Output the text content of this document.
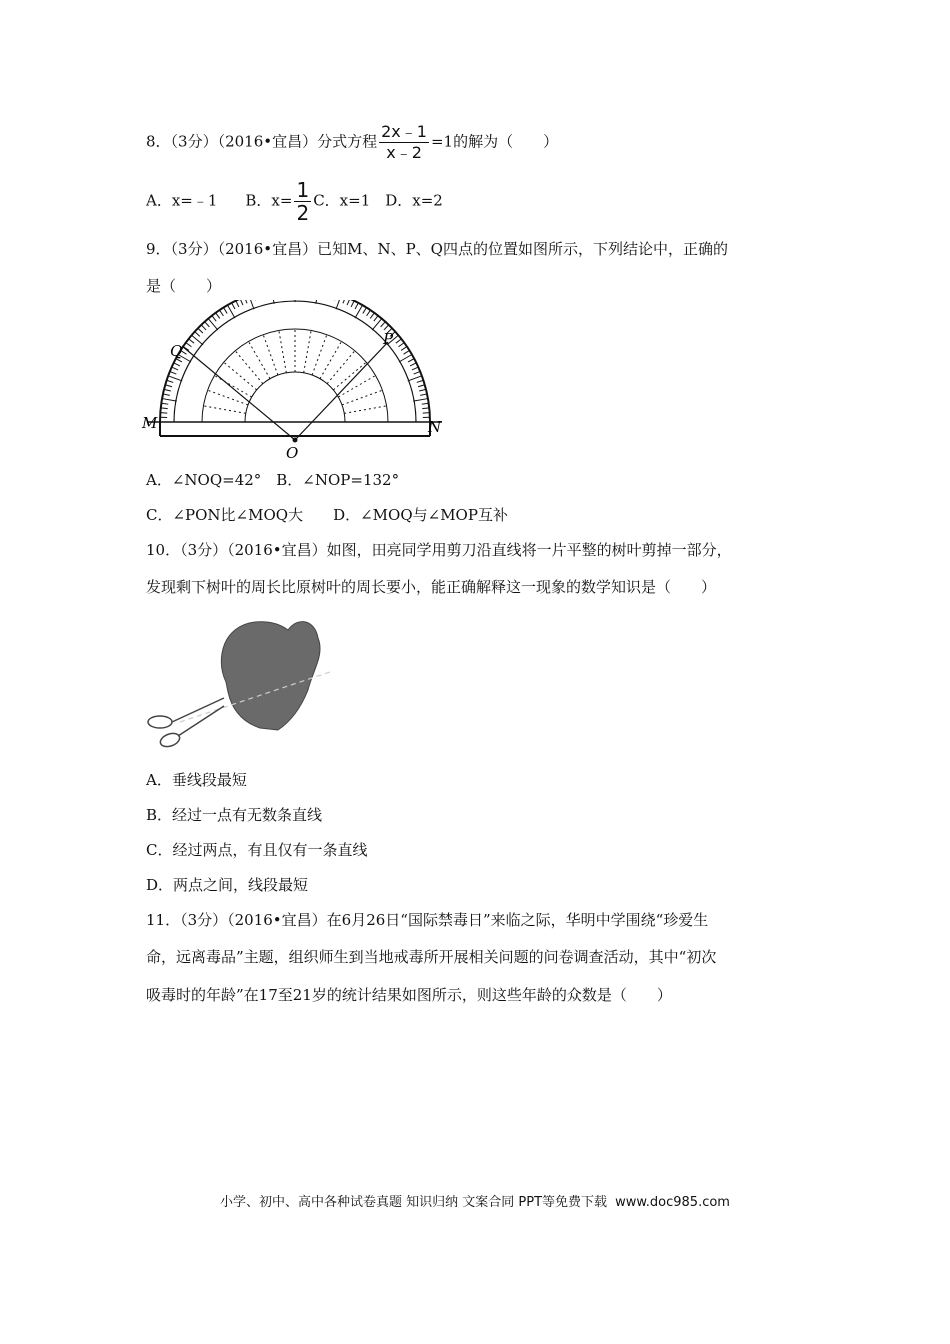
8．（3分）（2016•宜昌）分式方程 $\frac{2x﹣1}{x﹣2} =1$的解为（　　）
A．x=﹣1 B．$x= \frac{1}{2}$ C．x=1　D．x=2
9．（3分）（2016•宜昌）已知M、N、P、Q四点的位置如图所示，下列结论中，正确的
是（　　）
M	N
Q
P
O
A．∠NOQ=42°　B．∠NOP=132°
C．∠PON比∠MOQ大　　D．∠MOQ与∠MOP互补
10．（3分）（2016•宜昌）如图，田亮同学用剪刀沿直线将一片平整的树叶剪掉一部分，
发现剩下树叶的周长比原树叶的周长要小，能正确解释这一现象的数学知识是（　　）
A．垂线段最短
B．经过一点有无数条直线
C．经过两点，有且仅有一条直线
D．两点之间，线段最短
11．（3分）（2016•宜昌）在6月26日“国际禁毒日”来临之际，华明中学围绕“珍爱生
命，远离毒品”主题，组织师生到当地戒毒所开展相关问题的问卷调查活动，其中“初次
吸毒时的年龄”在17至21岁的统计结果如图所示，则这些年龄的众数是（　　）
小学、初中、高中各种试卷真题 知识归纳 文案合同 PPT等免费下载 www.doc985.com
